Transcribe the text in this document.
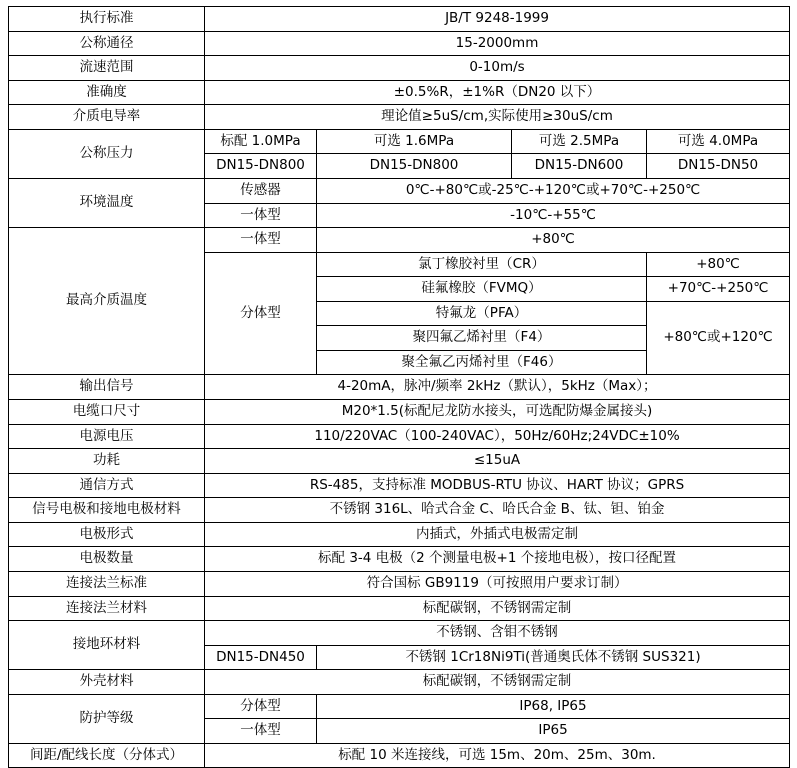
执行标准	JB/T 9248-1999			
公称通径	15-2000mm			
流速范围	0-10m/s			
准确度	±0.5%R，±1%R（DN20 以下）			
介质电导率	理论值≥5uS/cm,实际使用≥30uS/cm			
公称压力	标配 1.0MPa	可选 1.6MPa	可选 2.5MPa	可选 4.0MPa
	DN15-DN800	DN15-DN800	DN15-DN600	DN15-DN50
环境温度	传感器	0℃-+80℃或-25℃-+120℃或+70℃-+250℃		
	一体型	-10℃-+55℃		
最高介质温度	一体型	+80℃		
	分体型	氯丁橡胶衬里（CR）		+80℃
		硅氟橡胶（FVMQ）		+70℃-+250℃
		特氟龙（PFA）		+80℃或+120℃
		聚四氟乙烯衬里（F4）		
		聚全氟乙丙烯衬里（F46）		
输出信号	4-20mA，脉冲/频率 2kHz（默认），5kHz（Max）；			
电缆口尺寸	M20*1.5(标配尼龙防水接头，可选配防爆金属接头)			
电源电压	110/220VAC（100-240VAC），50Hz/60Hz;24VDC±10%			
功耗	≤15uA			
通信方式	RS-485，支持标准 MODBUS-RTU 协议、HART 协议；GPRS			
信号电极和接地电极材料	不锈钢 316L、哈式合金 C、哈氏合金 B、钛、钽、铂金			
电极形式	内插式，外插式电极需定制			
电极数量	标配 3-4 电极（2 个测量电极+1 个接地电极），按口径配置			
连接法兰标准	符合国标 GB9119（可按照用户要求订制）			
连接法兰材料	标配碳钢，不锈钢需定制			
接地环材料	不锈钢、含钼不锈钢			
	DN15-DN450	不锈钢 1Cr18Ni9Ti(普通奥氏体不锈钢 SUS321)		
外壳材料	标配碳钢，不锈钢需定制			
防护等级	分体型	IP68, IP65		
	一体型	IP65		
间距/配线长度（分体式）	标配 10 米连接线，可选 15m、20m、25m、30m.			
